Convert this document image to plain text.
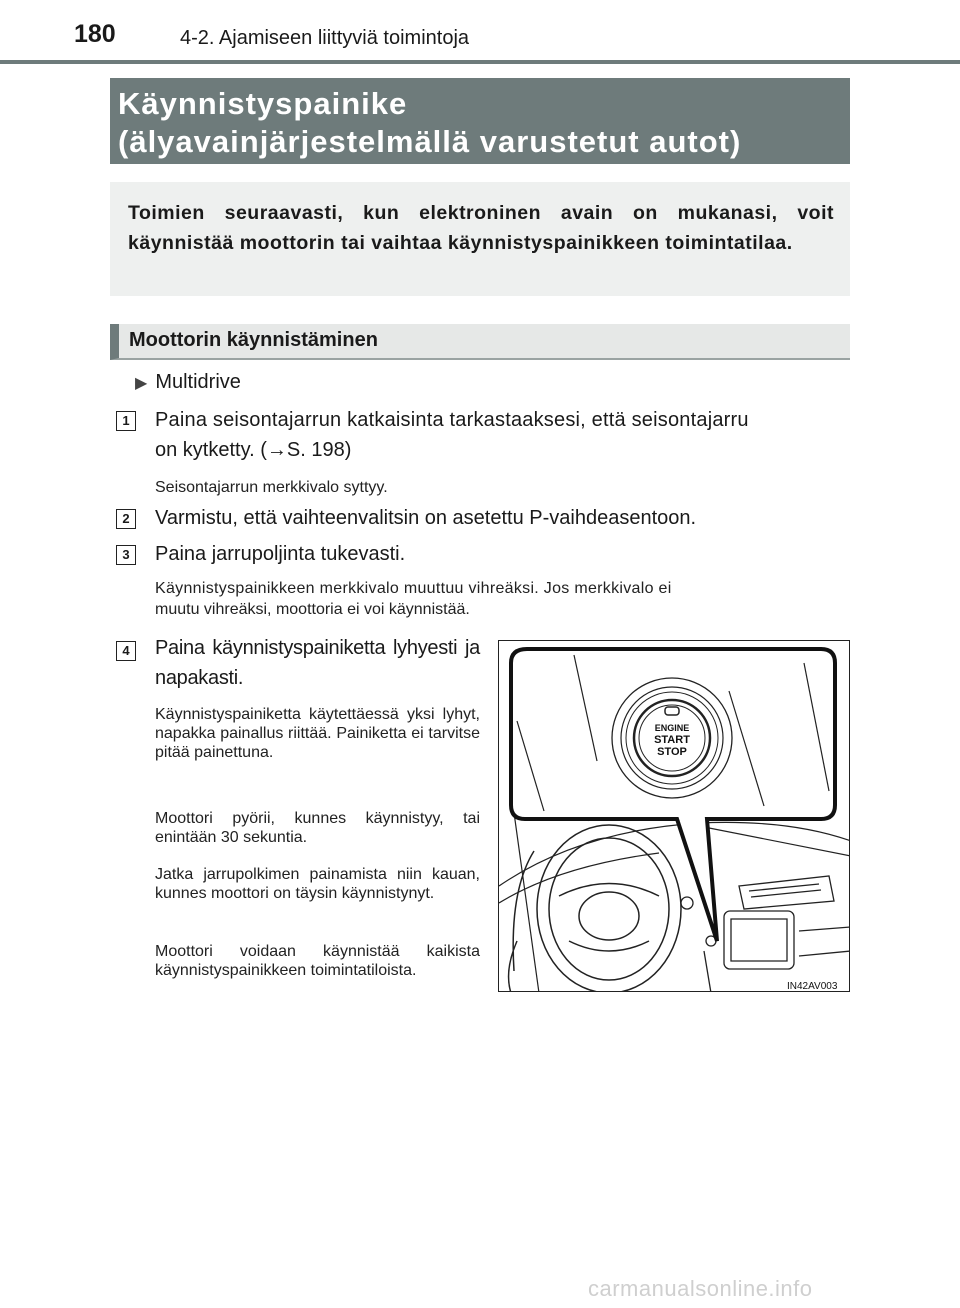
180	4-2. Ajamiseen liittyviä toimintoja
Käynnistyspainike
(älyavainjärjestelmällä varustetut autot)
Toimien seuraavasti, kun elektroninen avain on mukanasi, voit käynnistää moottorin tai vaihtaa käynnistyspainikkeen toimintatilaa.
Moottorin käynnistäminen
▶ Multidrive
1	Paina seisontajarrun katkaisinta tarkastaaksesi, että seisontajarru
on kytketty. (→S. 198)
Seisontajarrun merkkivalo syttyy.
2	Varmistu, että vaihteenvalitsin on asetettu P-vaihdeasentoon.
3	Paina jarrupoljinta tukevasti.
Käynnistyspainikkeen merkkivalo muuttuu vihreäksi. Jos merkkivalo ei
muutu vihreäksi, moottoria ei voi käynnistää.
4	Paina käynnistyspainiketta lyhyesti ja napakasti.
Käynnistyspainiketta käytettäessä yksi lyhyt, napakka painallus riittää. Painiketta ei tarvitse pitää painettuna.
Moottori pyörii, kunnes käynnistyy, tai enintään 30 sekuntia.
Jatka jarrupolkimen painamista niin kauan, kunnes moottori on täysin käynnistynyt.
Moottori voidaan käynnistää kaikista käynnistyspainikkeen toimintatiloista.
ENGINE
START
STOP
IN42AV003
carmanualsonline.info
